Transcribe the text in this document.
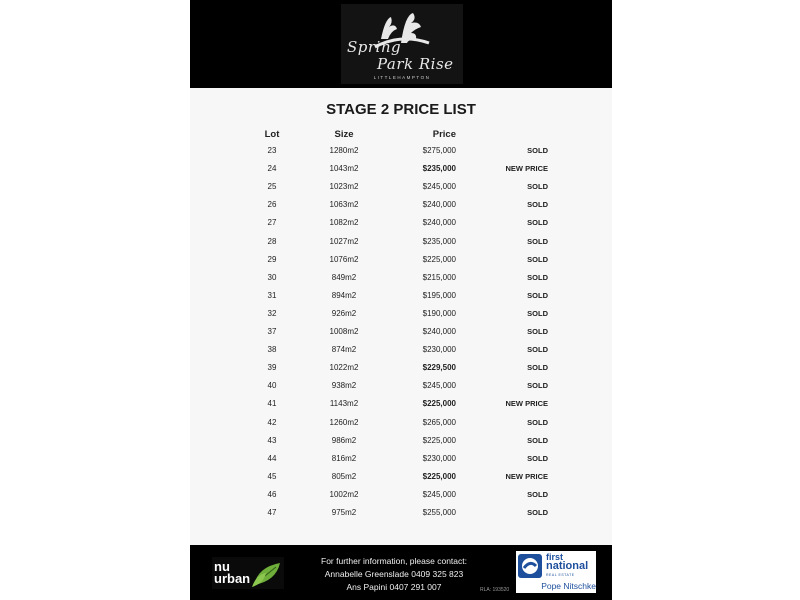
Spring
Park Rise
LITTLEHAMPTON
STAGE 2 PRICE LIST
Lot	Size	Price
23	1280m2	$275,000	SOLD
24	1043m2	$235,000	NEW PRICE
25	1023m2	$245,000	SOLD
26	1063m2	$240,000	SOLD
27	1082m2	$240,000	SOLD
28	1027m2	$235,000	SOLD
29	1076m2	$225,000	SOLD
30	849m2	$215,000	SOLD
31	894m2	$195,000	SOLD
32	926m2	$190,000	SOLD
37	1008m2	$240,000	SOLD
38	874m2	$230,000	SOLD
39	1022m2	$229,500	SOLD
40	938m2	$245,000	SOLD
41	1143m2	$225,000	NEW PRICE
42	1260m2	$265,000	SOLD
43	986m2	$225,000	SOLD
44	816m2	$230,000	SOLD
45	805m2	$225,000	NEW PRICE
46	1002m2	$245,000	SOLD
47	975m2	$255,000	SOLD
nu
urban
For further information, please contact:
Annabelle Greenslade 0409 325 823
Ans Papini 0407 291 007	RLA: 193520
first
national
REAL ESTATE
Pope Nitschke
